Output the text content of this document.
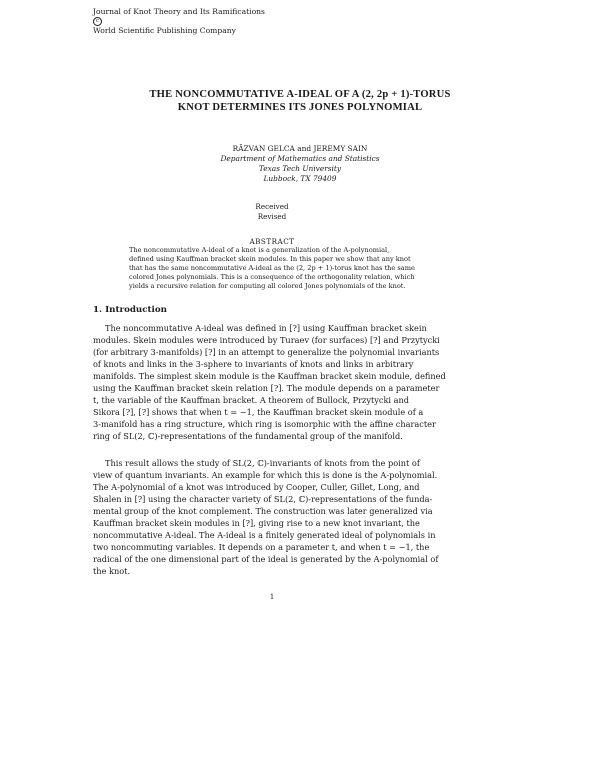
Journal of Knot Theory and Its Ramifications
c
World Scientific Publishing Company
THE NONCOMMUTATIVE A-IDEAL OF A (2, 2p + 1)-TORUS
KNOT DETERMINES ITS JONES POLYNOMIAL
RĂZVAN GELCA and JEREMY SAIN
Department of Mathematics and Statistics
Texas Tech University
Lubbock, TX 79409
Received
Revised
ABSTRACT
The noncommutative A-ideal of a knot is a generalization of the A-polynomial,
defined using Kauffman bracket skein modules. In this paper we show that any knot
that has the same noncommutative A-ideal as the (2, 2p + 1)-torus knot has the same
colored Jones polynomials. This is a consequence of the orthogonality relation, which
yields a recursive relation for computing all colored Jones polynomials of the knot.
1. Introduction
The noncommutative A-ideal was defined in [?] using Kauffman bracket skein
modules. Skein modules were introduced by Turaev (for surfaces) [?] and Przytycki
(for arbitrary 3-manifolds) [?] in an attempt to generalize the polynomial invariants
of knots and links in the 3-sphere to invariants of knots and links in arbitrary
manifolds. The simplest skein module is the Kauffman bracket skein module, defined
using the Kauffman bracket skein relation [?]. The module depends on a parameter
t, the variable of the Kauffman bracket. A theorem of Bullock, Przytycki and
Sikora [?], [?] shows that when t = −1, the Kauffman bracket skein module of a
3-manifold has a ring structure, which ring is isomorphic with the affine character
ring of SL(2, ℂ)-representations of the fundamental group of the manifold.
This result allows the study of SL(2, ℂ)-invariants of knots from the point of
view of quantum invariants. An example for which this is done is the A-polynomial.
The A-polynomial of a knot was introduced by Cooper, Culler, Gillet, Long, and
Shalen in [?] using the character variety of SL(2, ℂ)-representations of the funda-
mental group of the knot complement. The construction was later generalized via
Kauffman bracket skein modules in [?], giving rise to a new knot invariant, the
noncommutative A-ideal. The A-ideal is a finitely generated ideal of polynomials in
two noncommuting variables. It depends on a parameter t, and when t = −1, the
radical of the one dimensional part of the ideal is generated by the A-polynomial of
the knot.
1
